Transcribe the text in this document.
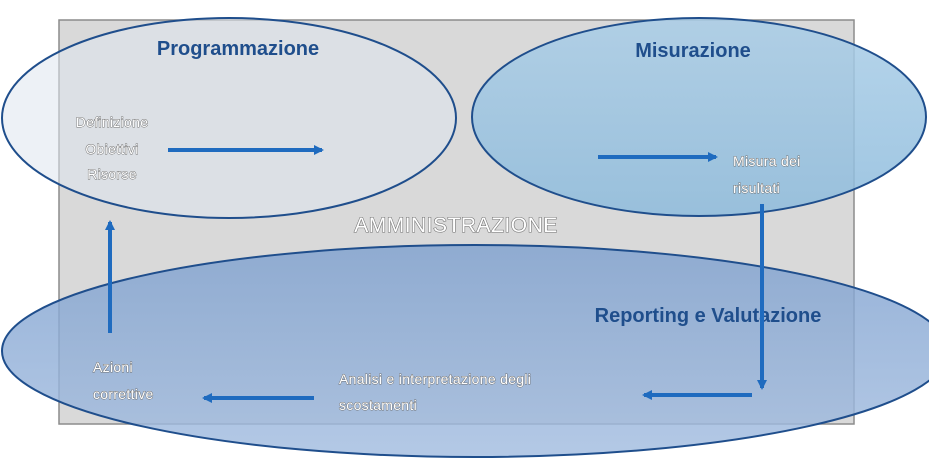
AMMINISTRAZIONE
Programmazione	Misurazione
Reporting e Valutazione
Definizione
Obiettivi
Risorse
Misura dei
risultati
Analisi e interpretazione degli
scostamenti
Azioni
correttive
